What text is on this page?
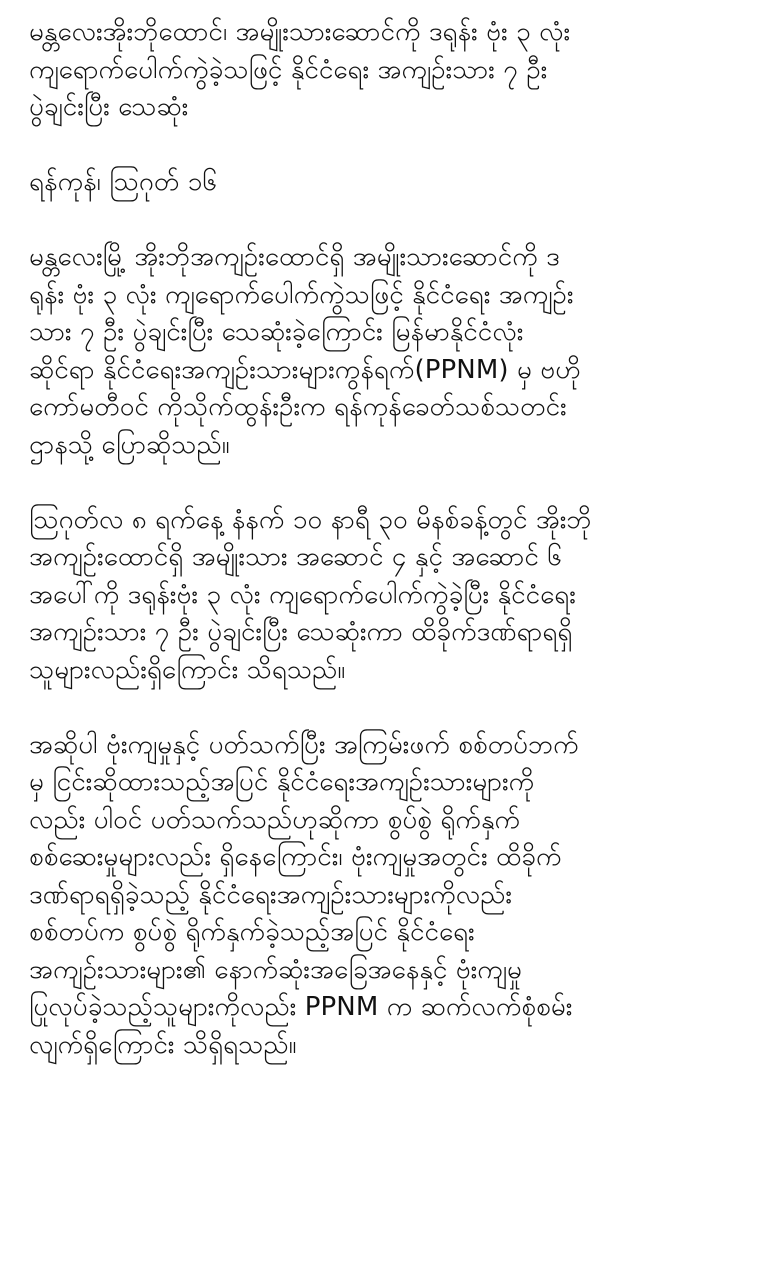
မန္တလေးအိုးဘိုထောင်၊ အမျိုးသားဆောင်ကို ဒရုန်း ဗုံး ၃ လုံး
ကျရောက်ပေါက်ကွဲခဲ့သဖြင့် နိုင်ငံရေး အကျဉ်းသား ၇ ဦး
ပွဲချင်းပြီး သေဆုံး

ရန်ကုန်၊ ဩဂုတ် ၁၆

မန္တလေးမြို့ အိုးဘိုအကျဉ်းထောင်ရှိ အမျိုးသားဆောင်ကို ဒ
ရုန်း ဗုံး ၃ လုံး ကျရောက်ပေါက်ကွဲသဖြင့် နိုင်ငံရေး အကျဉ်း
သား ၇ ဦး ပွဲချင်းပြီး သေဆုံးခဲ့ကြောင်း မြန်မာနိုင်ငံလုံး
ဆိုင်ရာ နိုင်ငံရေးအကျဉ်းသားများကွန်ရက်(PPNM) မှ ဗဟို
ကော်မတီဝင် ကိုသိုက်ထွန်းဦးက ရန်ကုန်ခေတ်သစ်သတင်း
ဌာနသို့ ပြောဆိုသည်။

ဩဂုတ်လ ၈ ရက်နေ့ နံနက် ၁၀ နာရီ ၃၀ မိနစ်ခန့်တွင် အိုးဘို
အကျဉ်းထောင်ရှိ အမျိုးသား အဆောင် ၄ နှင့် အဆောင် ၆
အပေါ်ကို ဒရုန်းဗုံး ၃ လုံး ကျရောက်ပေါက်ကွဲခဲ့ပြီး နိုင်ငံရေး
အကျဉ်းသား ၇ ဦး ပွဲချင်းပြီး သေဆုံးကာ ထိခိုက်ဒဏ်ရာရရှိ
သူများလည်းရှိကြောင်း သိရသည်။

အဆိုပါ ဗုံးကျမှုနှင့် ပတ်သက်ပြီး အကြမ်းဖက် စစ်တပ်ဘက်
မှ ငြင်းဆိုထားသည့်အပြင် နိုင်ငံရေးအကျဉ်းသားများကို
လည်း ပါဝင် ပတ်သက်သည်ဟုဆိုကာ စွပ်စွဲ ရိုက်နှက်
စစ်ဆေးမှုများလည်း ရှိနေကြောင်း၊ ဗုံးကျမှုအတွင်း ထိခိုက်
ဒဏ်ရာရရှိခဲ့သည့် နိုင်ငံရေးအကျဉ်းသားများကိုလည်း
စစ်တပ်က စွပ်စွဲ ရိုက်နှက်ခဲ့သည့်အပြင် နိုင်ငံရေး
အကျဉ်းသားများ၏ နောက်ဆုံးအခြေအနေနှင့် ဗုံးကျမှု
ပြုလုပ်ခဲ့သည့်သူများကိုလည်း PPNM က ဆက်လက်စုံစမ်း
လျက်ရှိကြောင်း သိရှိရသည်။
